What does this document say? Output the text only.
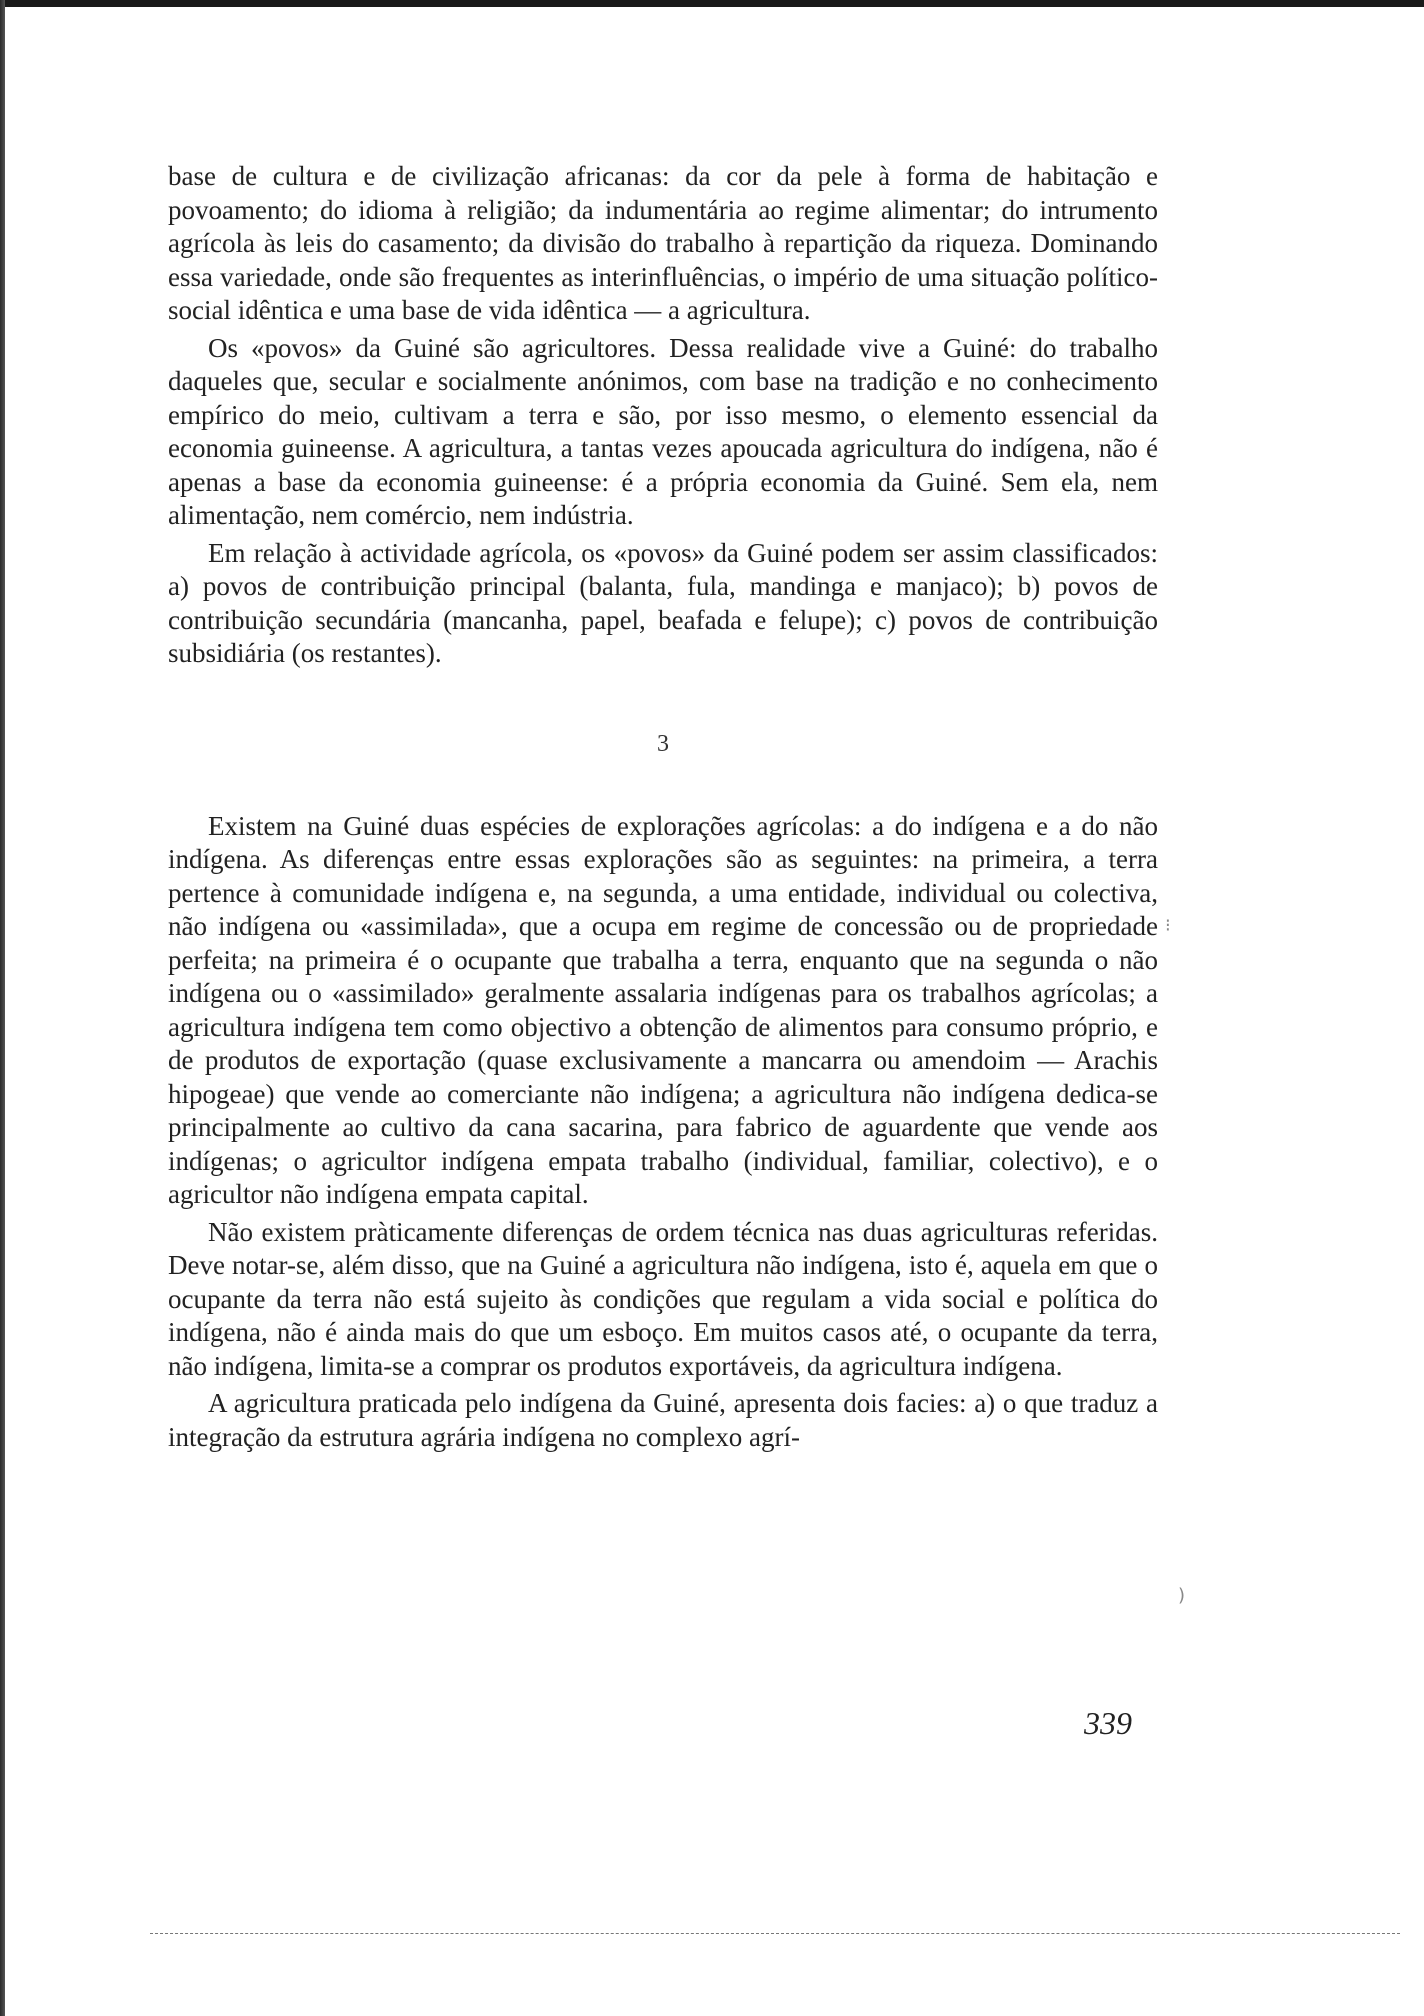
base de cultura e de civilização africanas: da cor da pele à forma de habitação e povoamento; do idioma à religião; da indumentária ao regime alimentar; do intrumento agrícola às leis do casamento; da divisão do trabalho à repartição da riqueza. Dominando essa variedade, onde são frequentes as interinfluências, o império de uma situação político-social idêntica e uma base de vida idêntica — a agricultura.

Os «povos» da Guiné são agricultores. Dessa realidade vive a Guiné: do trabalho daqueles que, secular e socialmente anónimos, com base na tradição e no conhecimento empírico do meio, cultivam a terra e são, por isso mesmo, o elemento essencial da economia guineense. A agricultura, a tantas vezes apoucada agricultura do indígena, não é apenas a base da economia guineense: é a própria economia da Guiné. Sem ela, nem alimentação, nem comércio, nem indústria.

Em relação à actividade agrícola, os «povos» da Guiné podem ser assim classificados: a) povos de contribuição principal (balanta, fula, mandinga e manjaco); b) povos de contribuição secundária (mancanha, papel, beafada e felupe); c) povos de contribuição subsidiária (os restantes).

3

Existem na Guiné duas espécies de explorações agrícolas: a do indígena e a do não indígena. As diferenças entre essas explorações são as seguintes: na primeira, a terra pertence à comunidade indígena e, na segunda, a uma entidade, individual ou colectiva, não indígena ou «assimilada», que a ocupa em regime de concessão ou de propriedade perfeita; na primeira é o ocupante que trabalha a terra, enquanto que na segunda o não indígena ou o «assimilado» geralmente assalaria indígenas para os trabalhos agrícolas; a agricultura indígena tem como objectivo a obtenção de alimentos para consumo próprio, e de produtos de exportação (quase exclusivamente a mancarra ou amendoim — Arachis hipogeae) que vende ao comerciante não indígena; a agricultura não indígena dedica-se principalmente ao cultivo da cana sacarina, para fabrico de aguardente que vende aos indígenas; o agricultor indígena empata trabalho (individual, familiar, colectivo), e o agricultor não indígena empata capital.

Não existem pràticamente diferenças de ordem técnica nas duas agriculturas referidas. Deve notar-se, além disso, que na Guiné a agricultura não indígena, isto é, aquela em que o ocupante da terra não está sujeito às condições que regulam a vida social e política do indígena, não é ainda mais do que um esboço. Em muitos casos até, o ocupante da terra, não indígena, limita-se a comprar os produtos exportáveis, da agricultura indígena.

A agricultura praticada pelo indígena da Guiné, apresenta dois facies: a) o que traduz a integração da estrutura agrária indígena no complexo agrí-

339
⁝
)
